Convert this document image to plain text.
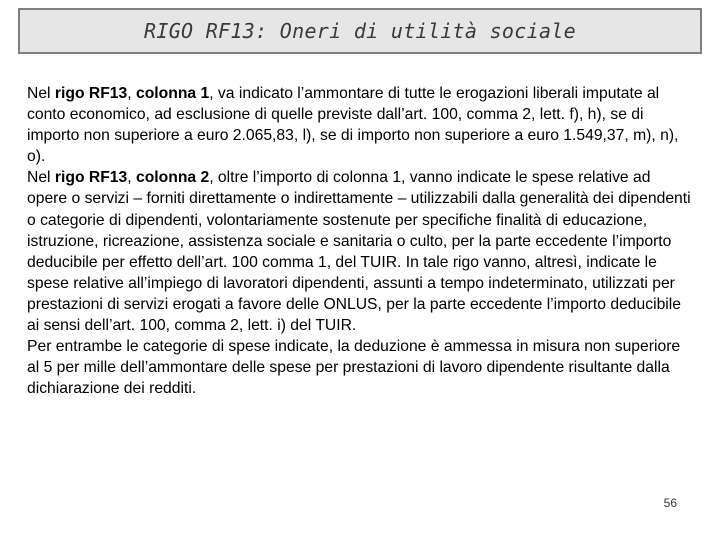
RIGO RF13: Oneri di utilità sociale

Nel rigo RF13, colonna 1, va indicato l’ammontare di tutte le erogazioni liberali imputate al conto economico, ad esclusione di quelle previste dall’art. 100, comma 2, lett. f), h), se di importo non superiore a euro 2.065,83, l), se di importo non superiore a euro 1.549,37, m), n), o).

Nel rigo RF13, colonna 2, oltre l’importo di colonna 1, vanno indicate le spese relative ad opere o servizi – forniti direttamente o indirettamente – utilizzabili dalla generalità dei dipendenti o categorie di dipendenti, volontariamente sostenute per specifiche finalità di educazione, istruzione, ricreazione, assistenza sociale e sanitaria o culto, per la parte eccedente l’importo deducibile per effetto dell’art. 100 comma 1, del TUIR. In tale rigo vanno, altresì, indicate le spese relative all’impiego di lavoratori dipendenti, assunti a tempo indeterminato, utilizzati per prestazioni di servizi erogati a favore delle ONLUS, per la parte eccedente l’importo deducibile ai sensi dell’art. 100, comma 2, lett. i) del TUIR.

Per entrambe le categorie di spese indicate, la deduzione è ammessa in misura non superiore al 5 per mille dell’ammontare delle spese per prestazioni di lavoro dipendente risultante dalla dichiarazione dei redditi.

56
